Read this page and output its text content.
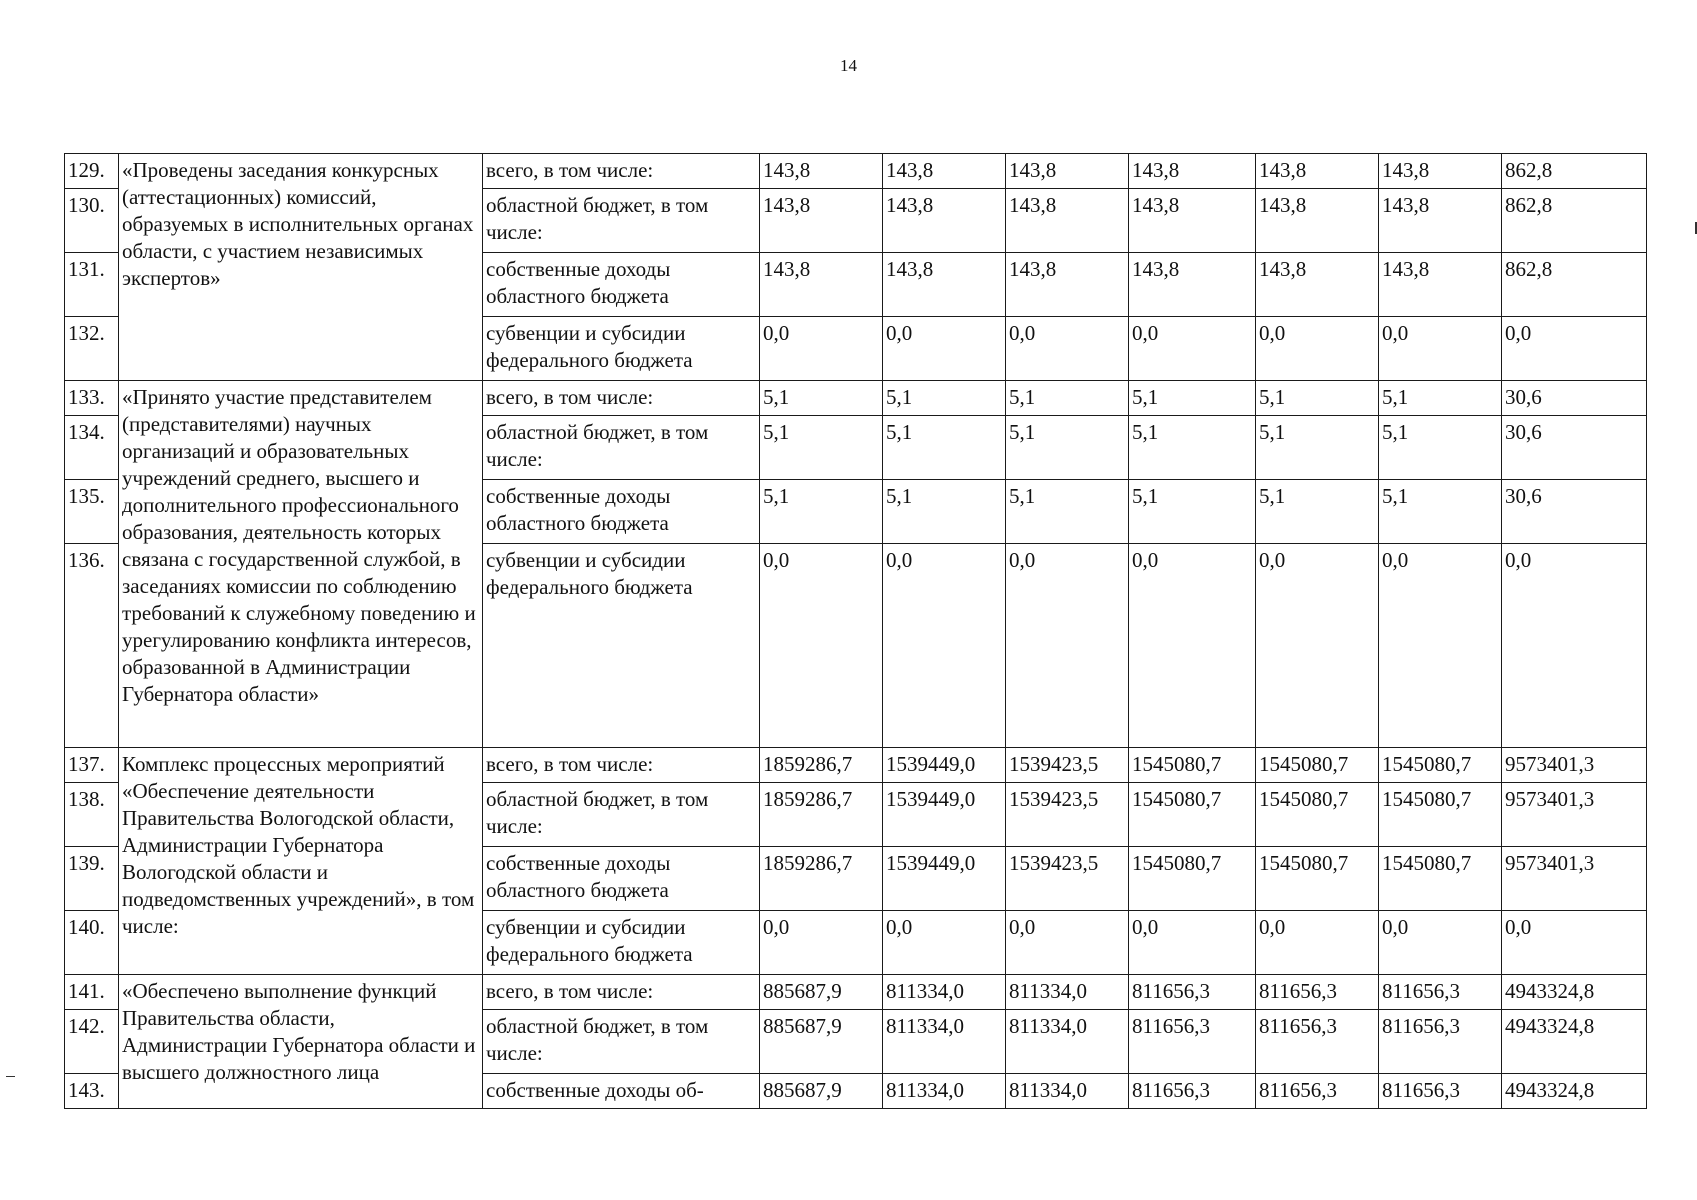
14
129.	«Проведены заседания конкурсных (аттестационных) комиссий, образуемых в исполнительных органах области, с участием независимых экспертов»	всего, в том числе:	143,8	143,8	143,8	143,8	143,8	143,8	862,8
130.		областной бюджет, в том числе:	143,8	143,8	143,8	143,8	143,8	143,8	862,8
131.		собственные доходы областного бюджета	143,8	143,8	143,8	143,8	143,8	143,8	862,8
132.		субвенции и субсидии федерального бюджета	0,0	0,0	0,0	0,0	0,0	0,0	0,0
133.	«Принято участие представителем (представителями) научных организаций и образовательных учреждений среднего, высшего и дополнительного профессионального образования, деятельность которых связана с государственной службой, в заседаниях комиссии по соблюдению требований к служебному поведению и урегулированию конфликта интересов, образованной в Администрации Губернатора области»	всего, в том числе:	5,1	5,1	5,1	5,1	5,1	5,1	30,6
134.		областной бюджет, в том числе:	5,1	5,1	5,1	5,1	5,1	5,1	30,6
135.		собственные доходы областного бюджета	5,1	5,1	5,1	5,1	5,1	5,1	30,6
136.		субвенции и субсидии федерального бюджета	0,0	0,0	0,0	0,0	0,0	0,0	0,0
137.	Комплекс процессных мероприятий «Обеспечение деятельности Правительства Вологодской области, Администрации Губернатора Вологодской области и подведомственных учреждений», в том числе:	всего, в том числе:	1859286,7	1539449,0	1539423,5	1545080,7	1545080,7	1545080,7	9573401,3
138.		областной бюджет, в том числе:	1859286,7	1539449,0	1539423,5	1545080,7	1545080,7	1545080,7	9573401,3
139.		собственные доходы областного бюджета	1859286,7	1539449,0	1539423,5	1545080,7	1545080,7	1545080,7	9573401,3
140.		субвенции и субсидии федерального бюджета	0,0	0,0	0,0	0,0	0,0	0,0	0,0
141.	«Обеспечено выполнение функций Правительства области, Администрации Губернатора области и высшего должностного лица	всего, в том числе:	885687,9	811334,0	811334,0	811656,3	811656,3	811656,3	4943324,8
142.		областной бюджет, в том числе:	885687,9	811334,0	811334,0	811656,3	811656,3	811656,3	4943324,8
143.		собственные доходы об-	885687,9	811334,0	811334,0	811656,3	811656,3	811656,3	4943324,8
